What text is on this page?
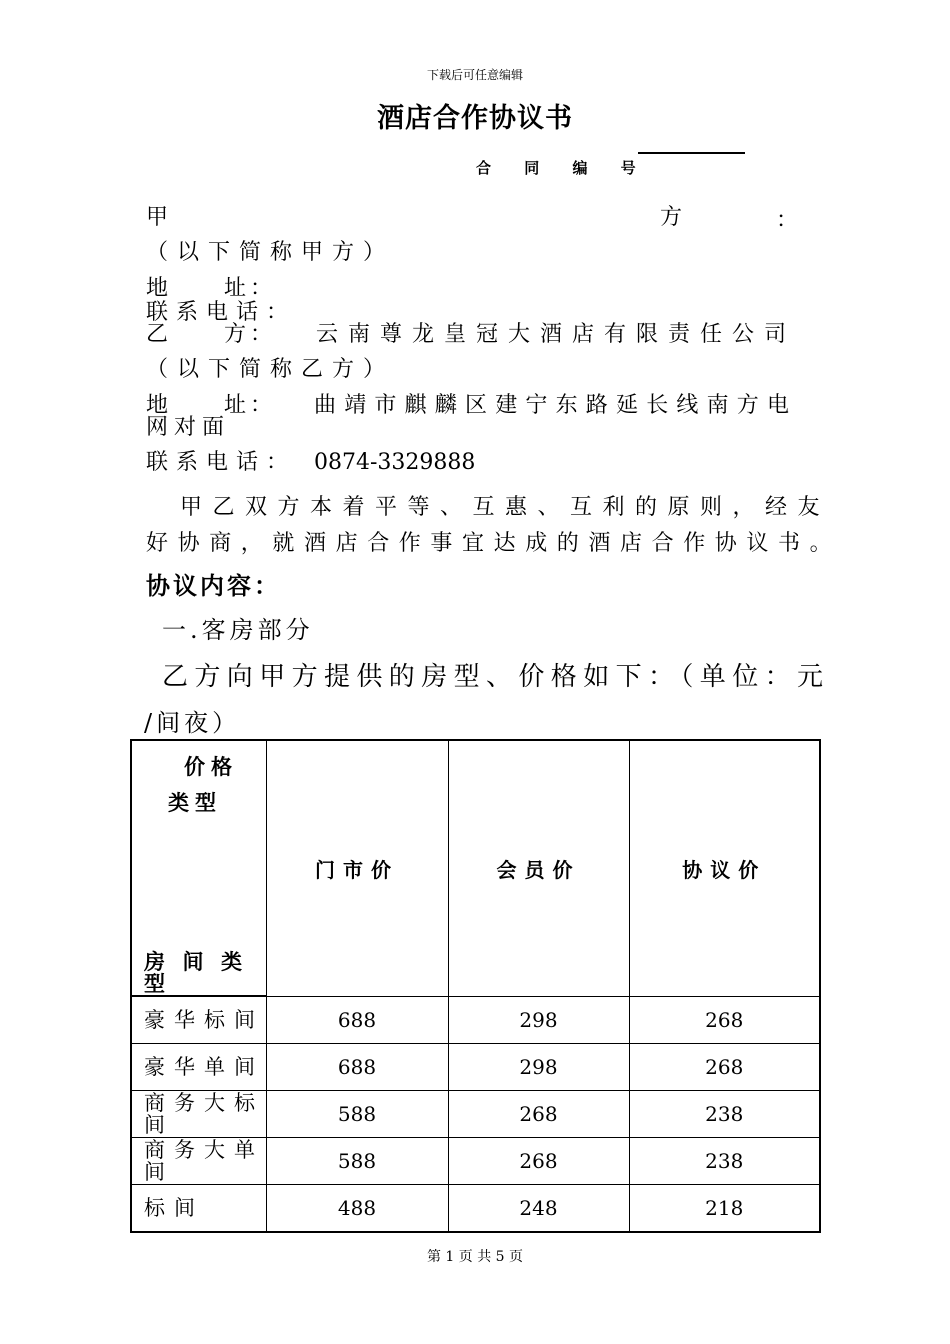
下载后可任意编辑
酒店合作协议书
合 同 编 号
甲	方	：
（以下简称甲方）
地　　址：
联系电话：
乙　　方： 云南尊龙皇冠大酒店有限责任公司
（以下简称乙方）
地　　址： 曲靖市麒麟区建宁东路延长线南方电
网对面
联系电话： 0874-3329888
甲乙双方本着平等、互惠、互利的原则，经友
好协商，就酒店合作事宜达成的酒店合作协议书。
协议内容：
一.客房部分
乙方向甲方提供的房型、价格如下：（单位：元
/间夜）
价格
类型
房间类型	门市价	会员价	协议价
豪华标间	688	298	268
豪华单间	688	298	268
商务大标间	588	268	238
商务大单间	588	268	238
标间	488	248	218
第 1 页 共 5 页
